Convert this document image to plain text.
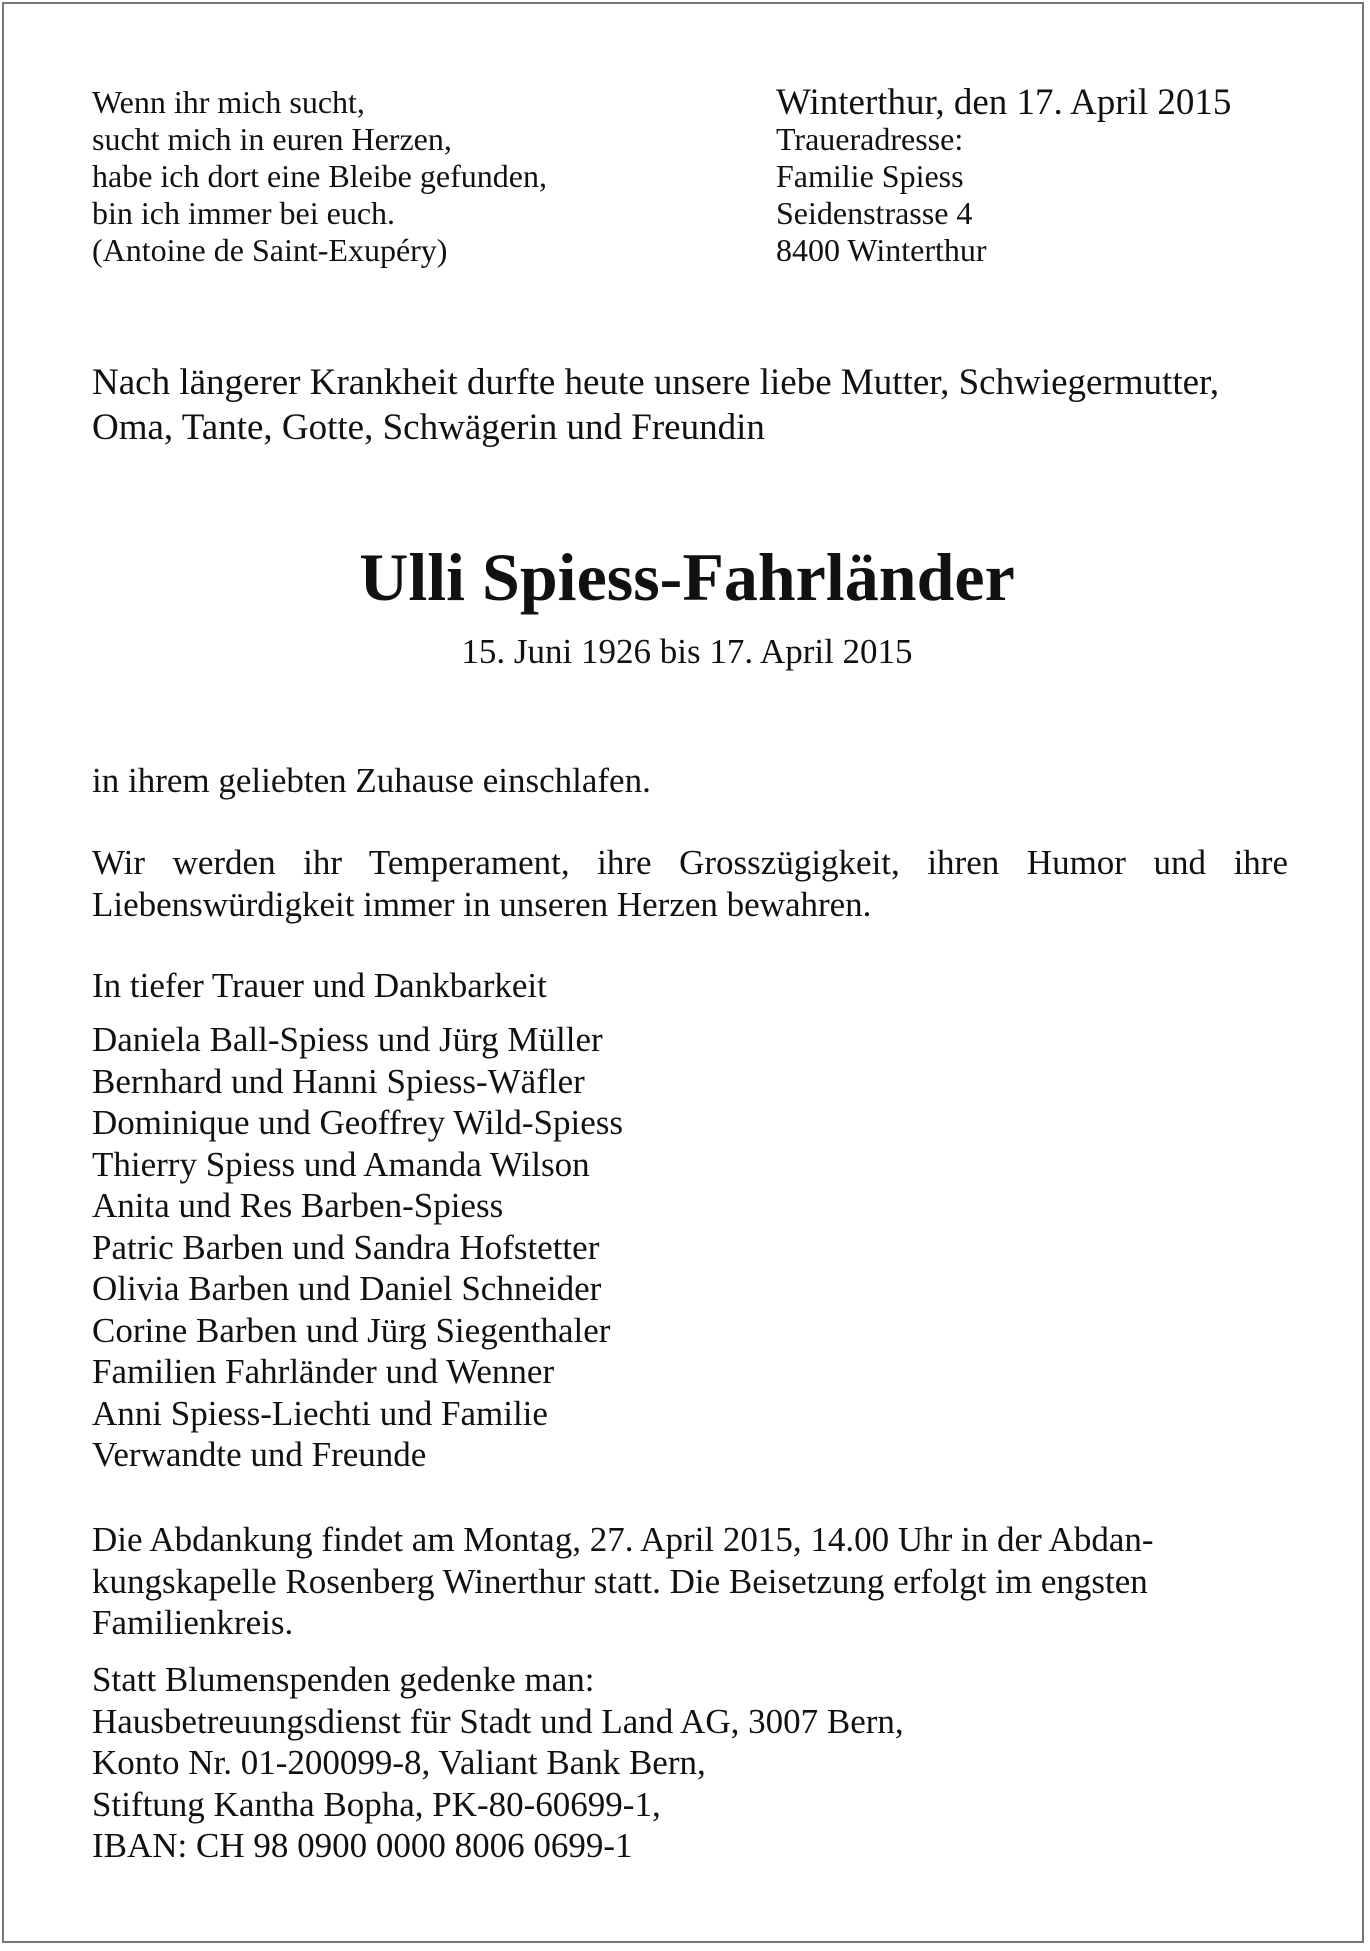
Wenn ihr mich sucht,
sucht mich in euren Herzen,
habe ich dort eine Bleibe gefunden,
bin ich immer bei euch.
(Antoine de Saint-Exupéry)
Winterthur, den 17. April 2015
Traueradresse:
Familie Spiess
Seidenstrasse 4
8400 Winterthur
Nach längerer Krankheit durfte heute unsere liebe Mutter, Schwiegermutter, Oma, Tante, Gotte, Schwägerin und Freundin
Ulli Spiess-Fahrländer
15. Juni 1926 bis 17. April 2015
in ihrem geliebten Zuhause einschlafen.
Wir werden ihr Temperament, ihre Grosszügigkeit, ihren Humor und ihre Liebenswürdigkeit immer in unseren Herzen bewahren.
In tiefer Trauer und Dankbarkeit
Daniela Ball-Spiess und Jürg Müller
Bernhard und Hanni Spiess-Wäfler
Dominique und Geoffrey Wild-Spiess
Thierry Spiess und Amanda Wilson
Anita und Res Barben-Spiess
Patric Barben und Sandra Hofstetter
Olivia Barben und Daniel Schneider
Corine Barben und Jürg Siegenthaler
Familien Fahrländer und Wenner
Anni Spiess-Liechti und Familie
Verwandte und Freunde
Die Abdankung findet am Montag, 27. April 2015, 14.00 Uhr in der Abdan-
kungskapelle Rosenberg Winerthur statt. Die Beisetzung erfolgt im engsten
Familienkreis.
Statt Blumenspenden gedenke man:
Hausbetreuungsdienst für Stadt und Land AG, 3007 Bern,
Konto Nr. 01-200099-8, Valiant Bank Bern,
Stiftung Kantha Bopha, PK-80-60699-1,
IBAN: CH 98 0900 0000 8006 0699-1
